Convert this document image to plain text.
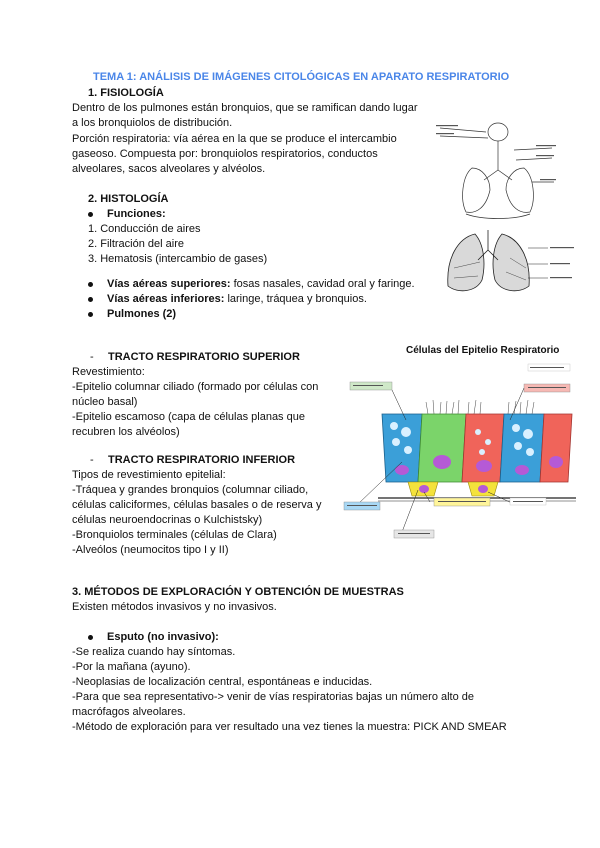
TEMA 1: ANÁLISIS DE IMÁGENES CITOLÓGICAS EN APARATO RESPIRATORIO
1. FISIOLOGÍA
Dentro de los pulmones están bronquios, que se ramifican dando lugar
a los bronquiolos de distribución.
Porción respiratoria: vía aérea en la que se produce el intercambio
gaseoso. Compuesta por: bronquiolos respiratorios, conductos
alveolares, sacos alveolares y alvéolos.
2. HISTOLOGÍA
Funciones:
1. Conducción de aires
2. Filtración del aire
3. Hematosis (intercambio de gases)
Vías aéreas superiores: fosas nasales, cavidad oral y faringe.
Vías aéreas inferiores: laringe, tráquea y bronquios.
Pulmones (2)
- TRACTO RESPIRATORIO SUPERIOR
Revestimiento:
-Epitelio columnar ciliado (formado por células con
núcleo basal)
-Epitelio escamoso (capa de células planas que
recubren los alvéolos)
- TRACTO RESPIRATORIO INFERIOR
Tipos de revestimiento epitelial:
-Tráquea y grandes bronquios (columnar ciliado,
células caliciformes, células basales o de reserva y
células neuroendocrinas o Kulchistsky)
-Bronquiolos terminales (células de Clara)
-Alveólos (neumocitos tipo I y II)
3. MÉTODOS DE EXPLORACIÓN Y OBTENCIÓN DE MUESTRAS
Existen métodos invasivos y no invasivos.
Esputo (no invasivo):
-Se realiza cuando hay síntomas.
-Por la mañana (ayuno).
-Neoplasias de localización central, espontáneas e inducidas.
-Para que sea representativo-> venir de vías respiratorias bajas un número alto de
macrófagos alveolares.
-Método de exploración para ver resultado una vez tienes la muestra: PICK AND SMEAR
Células del Epitelio Respiratorio
